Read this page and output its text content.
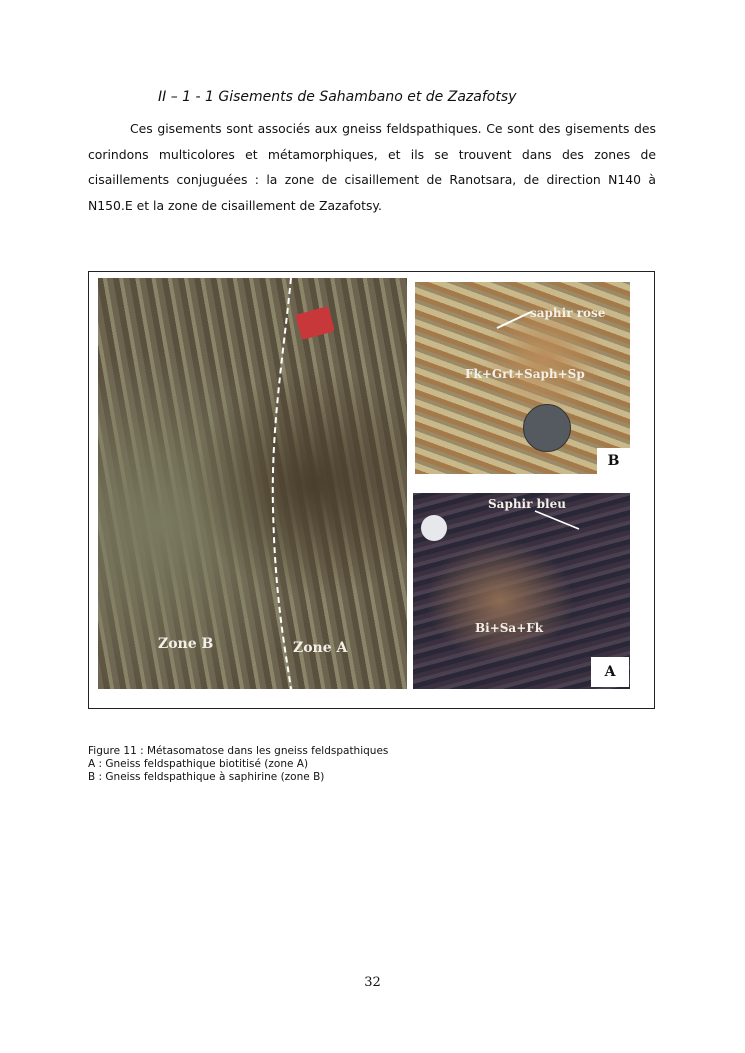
II – 1 - 1 Gisements de Sahambano et de Zazafotsy
Ces gisements sont associés aux gneiss feldspathiques. Ce sont des gisements des corindons multicolores et métamorphiques, et ils se trouvent dans des zones de cisaillements conjuguées : la zone de cisaillement de Ranotsara, de direction N140 à N150.E et la zone de cisaillement de Zazafotsy.
Zone B	Zone A
saphir rose
Fk+Grt+Saph+Sp
B
Saphir bleu
Bi+Sa+Fk
A
Figure 11 : Métasomatose dans les gneiss feldspathiques
A : Gneiss feldspathique biotitisé (zone A)
B : Gneiss feldspathique à saphirine (zone B)
32
